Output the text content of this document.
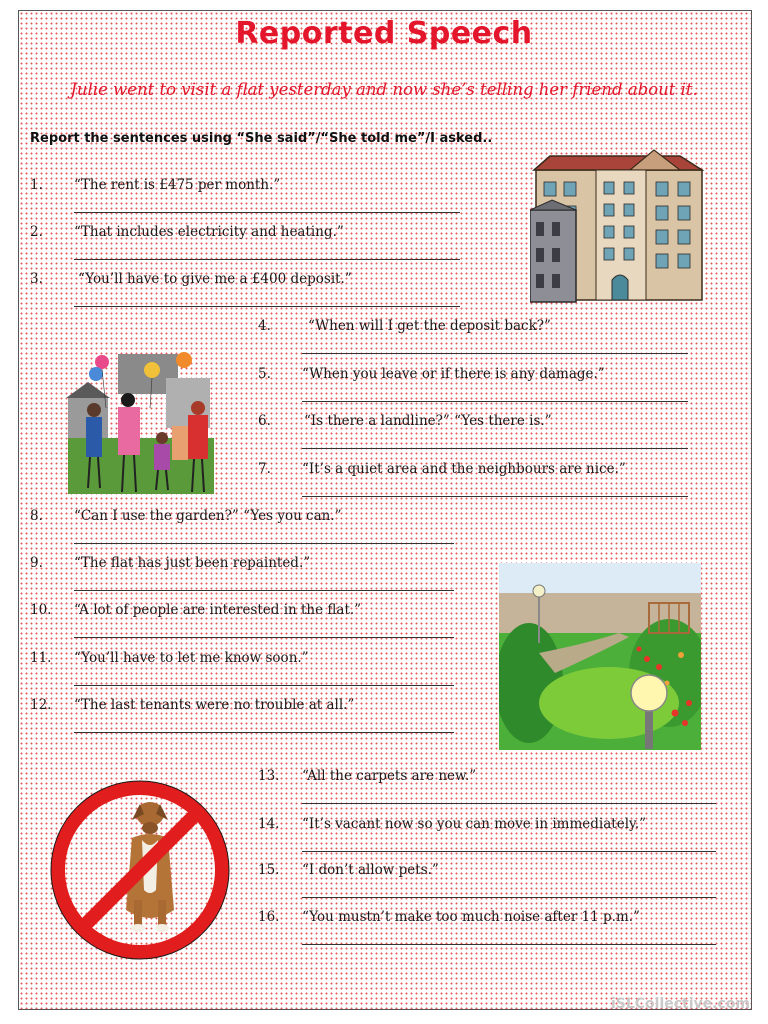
Reported Speech
Julie went to visit a flat yesterday and now she’s telling her friend about it.
Report the sentences using “She said”/“She told me”/I asked..
1. “The rent is £475 per month.”
2. “That includes electricity and heating.”
3.	“You’ll have to give me a £400 deposit.”
4.	“When will I get the deposit back?”
5. “When you leave or if there is any damage.”
6. “Is there a landline?” “Yes there is.”
7. “It’s a quiet area and the neighbours are nice.”
8. “Can I use the garden?” “Yes you can.”
9. “The flat has just been repainted.”
10. “A lot of people are interested in the flat.”
11. “You’ll have to let me know soon.”
12. “The last tenants were no trouble at all.”
13. “All the carpets are new.”
14. “It’s vacant now so you can move in immediately.”
15. “I don’t allow pets.”
16. “You mustn’t make too much noise after 11 p.m.”
iSLCollective.com
